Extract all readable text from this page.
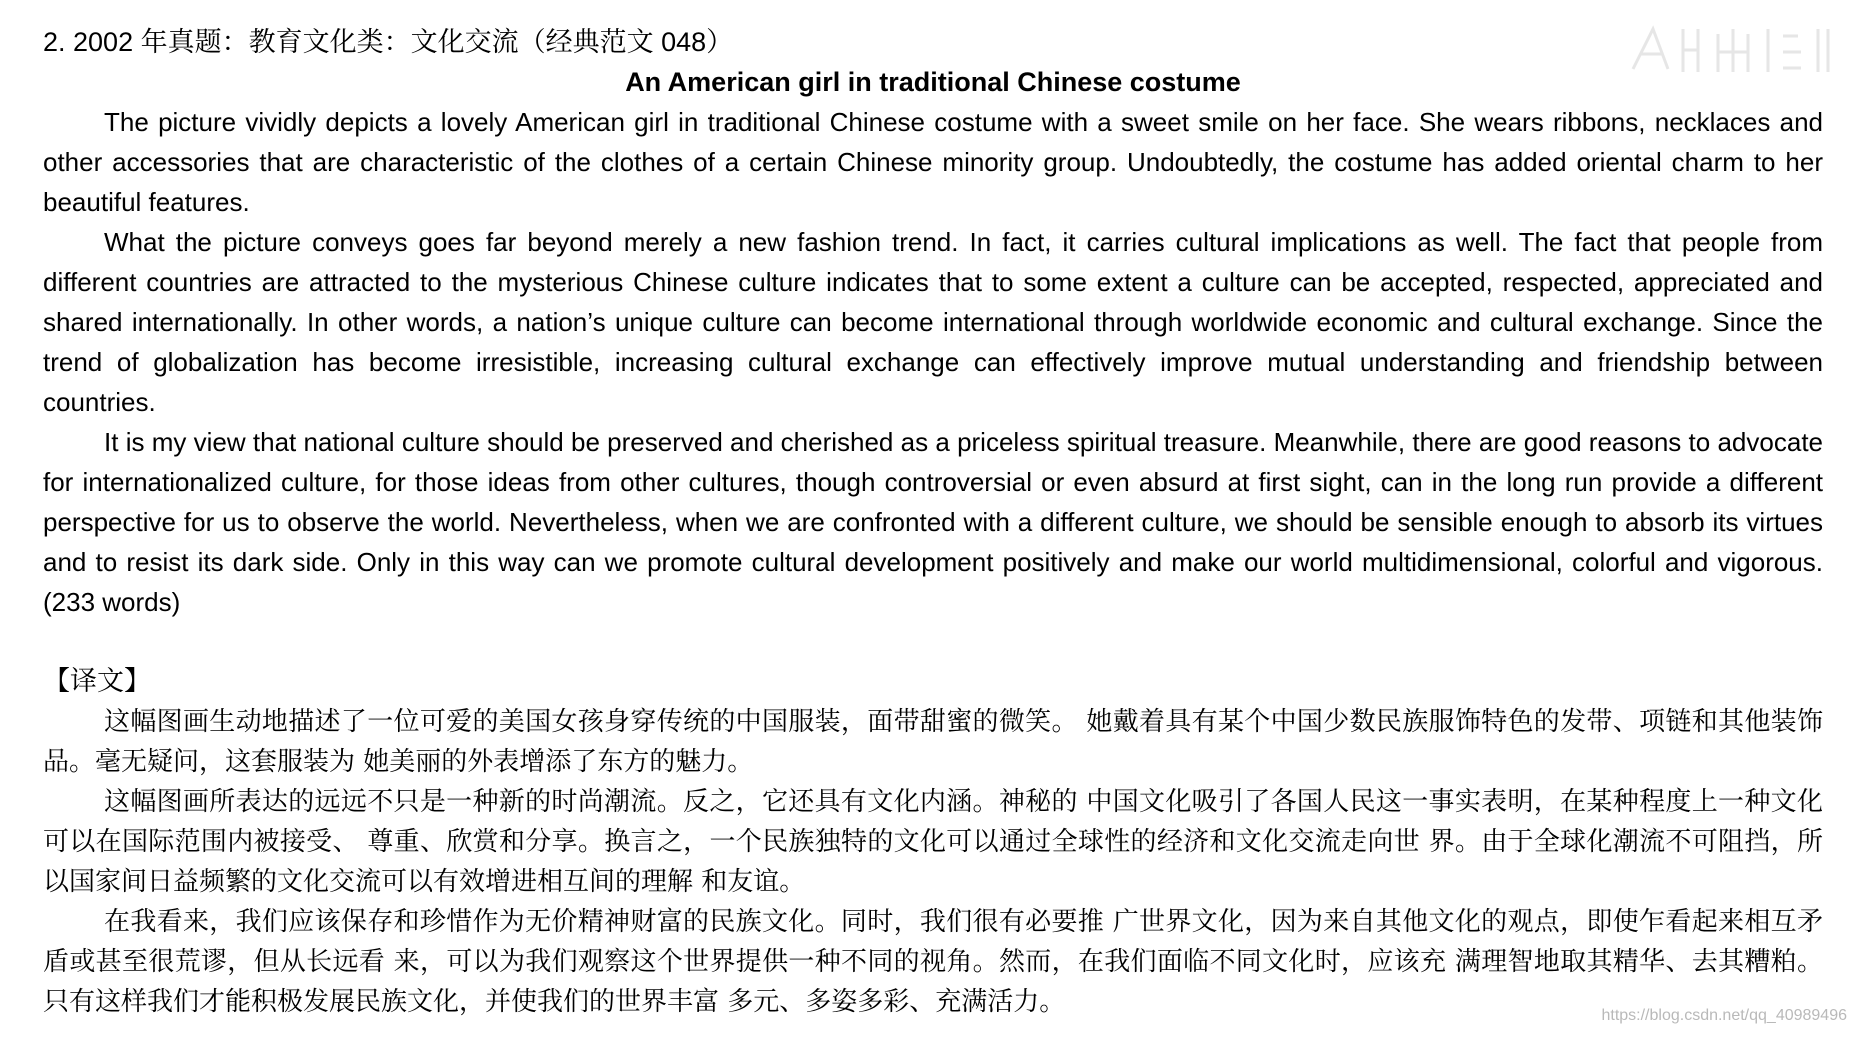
2. 2002 年真题：教育文化类：文化交流（经典范文 048）
An American girl in traditional Chinese costume

The picture vividly depicts a lovely American girl in traditional Chinese costume with a sweet smile on her face. She wears ribbons, necklaces and other accessories that are characteristic of the clothes of a certain Chinese minority group. Undoubtedly, the costume has added oriental charm to her beautiful features.

What the picture conveys goes far beyond merely a new fashion trend. In fact, it carries cultural implications as well. The fact that people from different countries are attracted to the mysterious Chinese culture indicates that to some extent a culture can be accepted, respected, appreciated and shared internationally. In other words, a nation’s unique culture can become international through worldwide economic and cultural exchange. Since the trend of globalization has become irresistible, increasing cultural exchange can effectively improve mutual understanding and friendship between countries.

It is my view that national culture should be preserved and cherished as a priceless spiritual treasure. Meanwhile, there are good reasons to advocate for internationalized culture, for those ideas from other cultures, though controversial or even absurd at first sight, can in the long run provide a different perspective for us to observe the world. Nevertheless, when we are confronted with a different culture, we should be sensible enough to absorb its virtues and to resist its dark side. Only in this way can we promote cultural development positively and make our world multidimensional, colorful and vigorous. (233 words)

【译文】

这幅图画生动地描述了一位可爱的美国女孩身穿传统的中国服装，面带甜蜜的微笑。 她戴着具有某个中国少数民族服饰特色的发带、项链和其他装饰品。毫无疑问，这套服装为 她美丽的外表增添了东方的魅力。

这幅图画所表达的远远不只是一种新的时尚潮流。反之，它还具有文化内涵。神秘的 中国文化吸引了各国人民这一事实表明，在某种程度上一种文化可以在国际范围内被接受、 尊重、欣赏和分享。换言之，一个民族独特的文化可以通过全球性的经济和文化交流走向世 界。由于全球化潮流不可阻挡，所以国家间日益频繁的文化交流可以有效增进相互间的理解 和友谊。

在我看来，我们应该保存和珍惜作为无价精神财富的民族文化。同时，我们很有必要推 广世界文化，因为来自其他文化的观点，即使乍看起来相互矛盾或甚至很荒谬，但从长远看 来，可以为我们观察这个世界提供一种不同的视角。然而，在我们面临不同文化时，应该充 满理智地取其精华、去其糟粕。只有这样我们才能积极发展民族文化，并使我们的世界丰富 多元、多姿多彩、充满活力。	https://blog.csdn.net/qq_40989496
